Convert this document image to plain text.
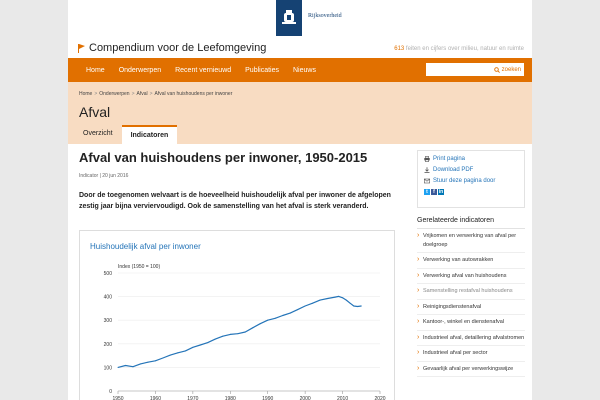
Rijksoverheid
Compendium voor de Leefomgeving	613 feiten en cijfers over milieu, natuur en ruimte
Home Onderwerpen Recent vernieuwd Publicaties Nieuws	zoeken
Home > Onderwerpen > Afval > Afval van huishoudens per inwoner
Afval
Overzicht	Indicatoren
Afval van huishoudens per inwoner, 1950-2015
Indicator | 20 jun 2016

Door de toegenomen welvaart is de hoeveelheid huishoudelijk afval per inwoner de afgelopen zestig jaar bijna verviervoudigd. Ook de samenstelling van het afval is sterk veranderd.

Huishoudelijk afval per inwoner
Index (1950 = 100)
0
100
200
300
400
500
1950	1960	1970	1980	1990	2000	2010	2020
Print pagina
Download PDF
Stuur deze pagina door
t	f in
Gerelateerde indicatoren
› Vrijkomen en verwerking van afval per doelgroep
› Verwerking van autowrakken
› Verwerking afval van huishoudens
› Samenstelling restafval huishoudens
› Reinigingsdienstenafval
› Kantoor-, winkel en dienstenafval
› Industrieel afval, detaillering afvalstromen
› Industrieel afval per sector
› Gevaarlijk afval per verwerkingswijze
